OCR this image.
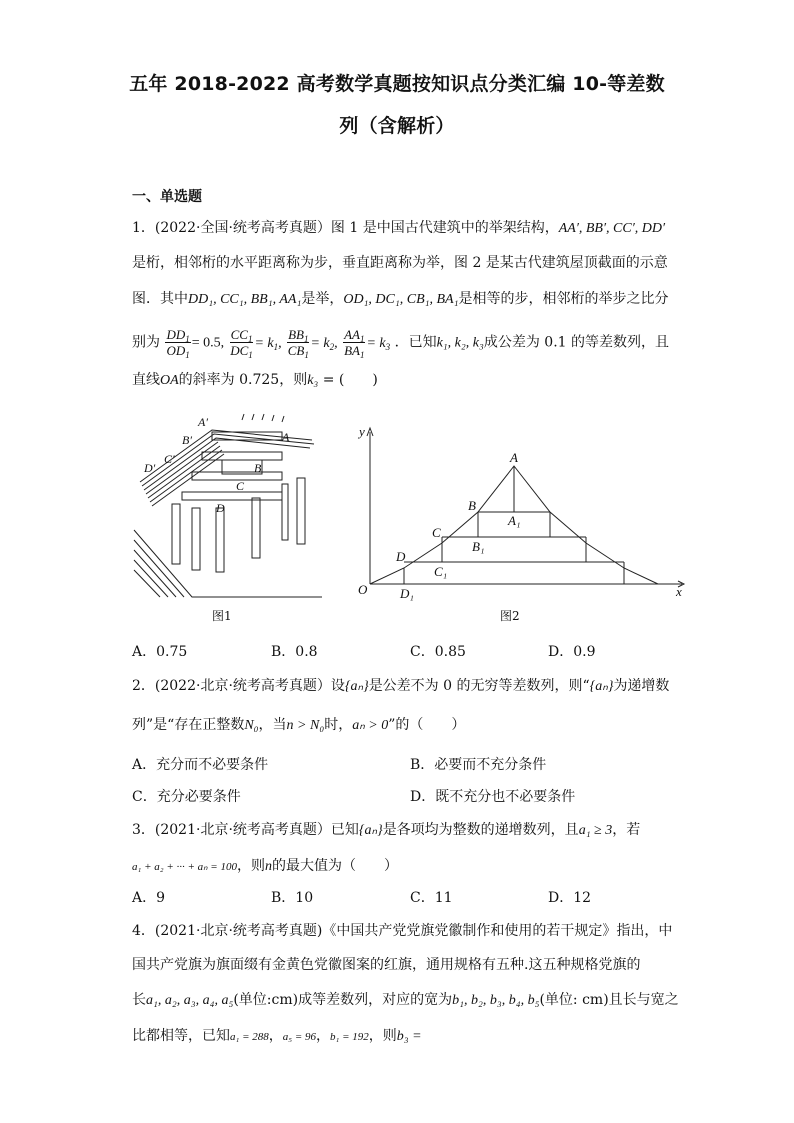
五年 2018-2022 高考数学真题按知识点分类汇编 10-等差数
列（含解析）
一、单选题
1．(2022·全国·统考高考真题）图 1 是中国古代建筑中的举架结构，AA′, BB′, CC′, DD′
是桁，相邻桁的水平距离称为步，垂直距离称为举，图 2 是某古代建筑屋顶截面的示意
图．其中DD₁, CC₁, BB₁, AA₁是举，OD₁, DC₁, CB₁, BA₁是相等的步，相邻桁的举步之比分
别为 $\frac{DD_1}{OD_1} = 0.5$, $\frac{CC_1}{DC_1} = k_1$, $\frac{BB_1}{CB_1} = k_2$, $\frac{AA_1}{BA_1} = k_3$ ．已知k₁, k₂, k₃成公差为 0.1 的等差数列，且
直线OA的斜率为 0.725，则k₃ = (　　)
A′
B′
C′
D′
A
B
C
D
图1
y
x
O
A
B
C
D
A₁
B₁
C₁
D₁
图2
A．0.75	B．0.8	C．0.85	D．0.9
2．(2022·北京·统考高考真题）设{aₙ}是公差不为 0 的无穷等差数列，则“{aₙ}为递增数
列”是“存在正整数N₀，当n > N₀时，aₙ > 0”的（　　）
A．充分而不必要条件	B．必要而不充分条件
C．充分必要条件	D．既不充分也不必要条件
3．(2021·北京·统考高考真题）已知{aₙ}是各项均为整数的递增数列，且a₁ ≥ 3，若
a₁ + a₂ + ··· + aₙ = 100，则n的最大值为（　　）
A．9	B．10	C．11	D．12
4．(2021·北京·统考高考真题)《中国共产党党旗党徽制作和使用的若干规定》指出，中
国共产党旗为旗面缀有金黄色党徽图案的红旗，通用规格有五种.这五种规格党旗的
长a₁, a₂, a₃, a₄, a₅(单位:cm)成等差数列，对应的宽为b₁, b₂, b₃, b₄, b₅(单位: cm)且长与宽之
比都相等，已知a₁ = 288，a₅ = 96，b₁ = 192，则b₃ =
